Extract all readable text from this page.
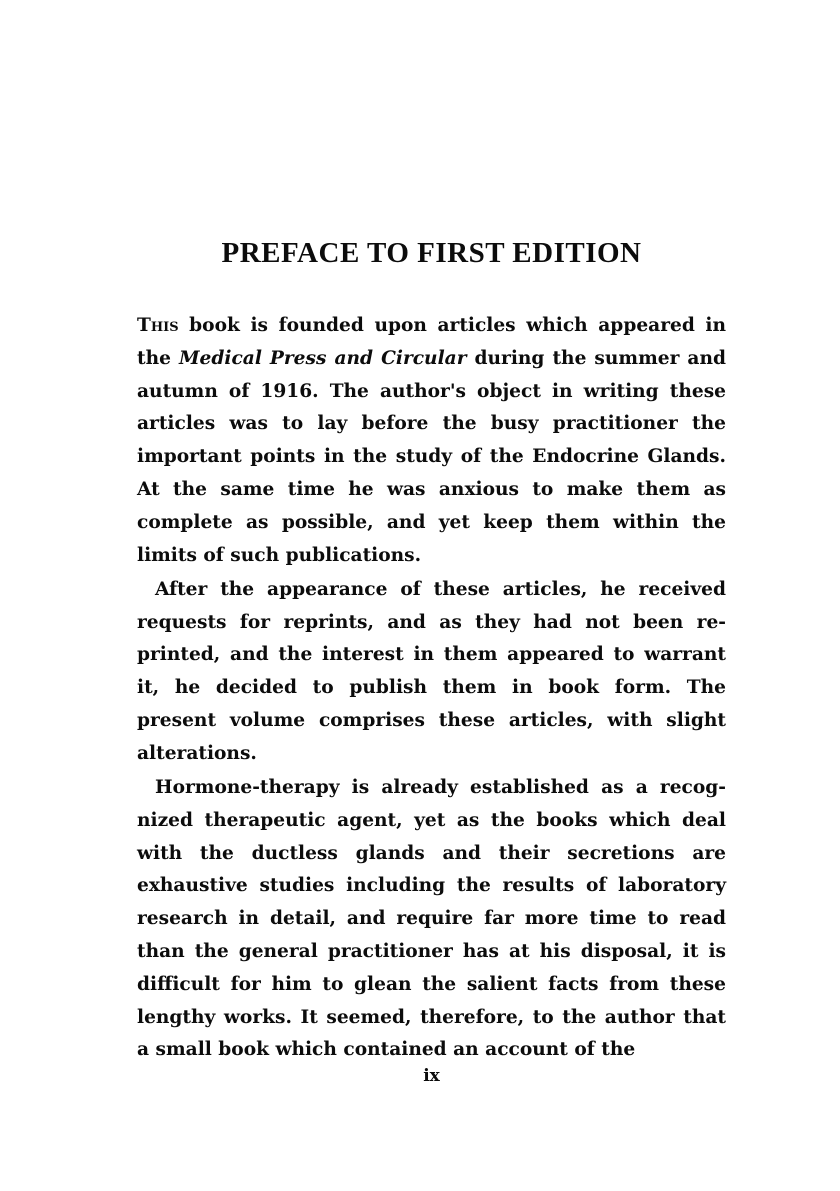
PREFACE TO FIRST EDITION

This book is founded upon articles which appeared in the Medical Press and Circular during the summer and autumn of 1916. The author's object in writing these articles was to lay before the busy practitioner the important points in the study of the Endocrine Glands. At the same time he was anxious to make them as complete as possible, and yet keep them within the limits of such publications.

After the appearance of these articles, he received requests for reprints, and as they had not been re-printed, and the interest in them appeared to warrant it, he decided to publish them in book form. The present volume comprises these articles, with slight alterations.

Hormone-therapy is already established as a recog-nized therapeutic agent, yet as the books which deal with the ductless glands and their secretions are exhaustive studies including the results of laboratory research in detail, and require far more time to read than the general practitioner has at his disposal, it is difficult for him to glean the salient facts from these lengthy works. It seemed, therefore, to the author that a small book which contained an account of the

ix
